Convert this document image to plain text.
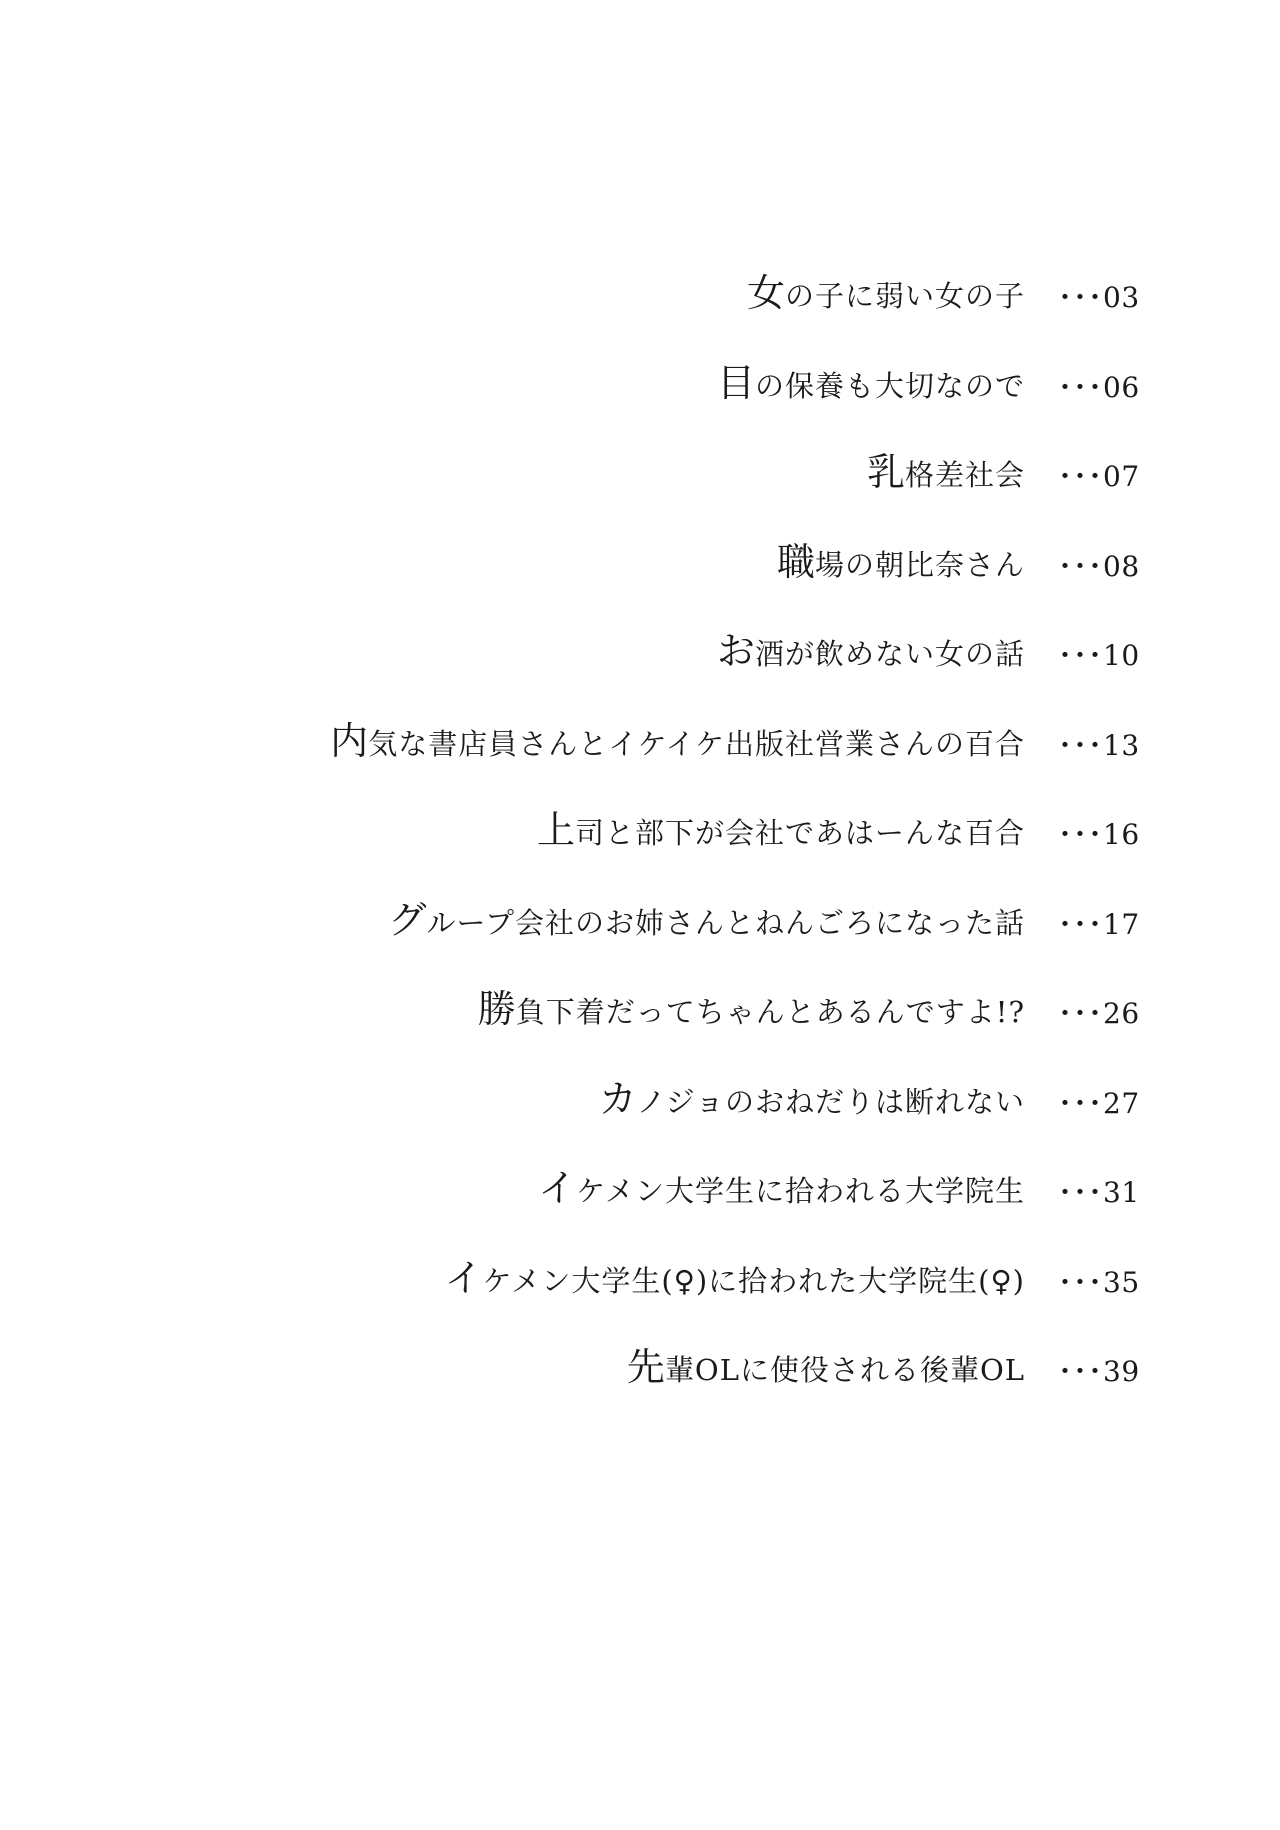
女の子に弱い女の子 ･･･03
目の保養も大切なので ･･･06
乳格差社会 ･･･07
職場の朝比奈さん ･･･08
お酒が飲めない女の話 ･･･10
内気な書店員さんとイケイケ出版社営業さんの百合 ･･･13
上司と部下が会社であはーんな百合 ･･･16
グループ会社のお姉さんとねんごろになった話 ･･･17
勝負下着だってちゃんとあるんですよ!? ･･･26
カノジョのおねだりは断れない ･･･27
イケメン大学生に拾われる大学院生 ･･･31
イケメン大学生(♀)に拾われた大学院生(♀) ･･･35
先輩OLに使役される後輩OL ･･･39
